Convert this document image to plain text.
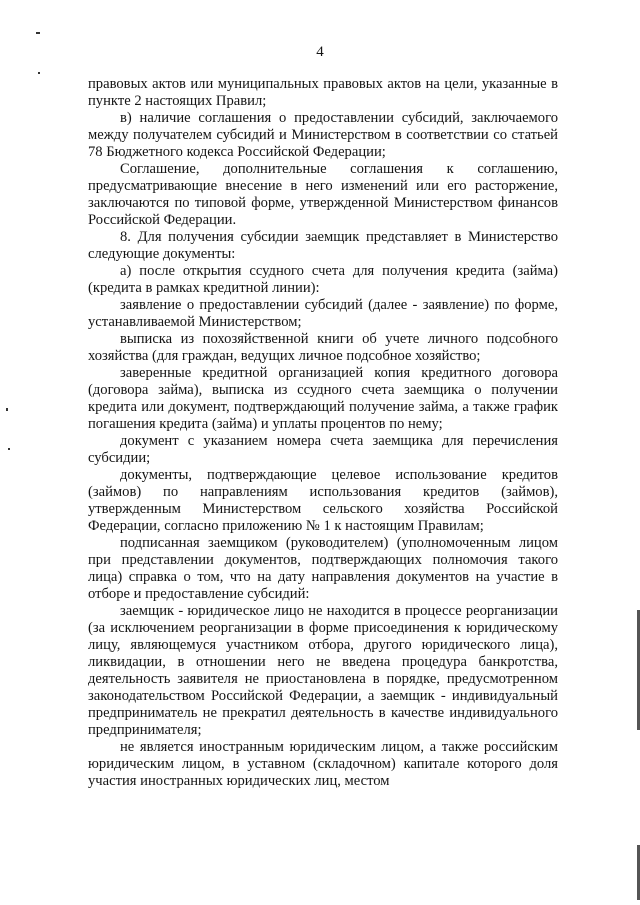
4

правовых актов или муниципальных правовых актов на цели, указанные в пункте 2 настоящих Правил;

в) наличие соглашения о предоставлении субсидий, заключаемого между получателем субсидий и Министерством в соответствии со статьей 78 Бюджетного кодекса Российской Федерации;

Соглашение, дополнительные соглашения к соглашению, предусматривающие внесение в него изменений или его расторжение, заключаются по типовой форме, утвержденной Министерством финансов Российской Федерации.

8. Для получения субсидии заемщик представляет в Министерство следующие документы:

а) после открытия ссудного счета для получения кредита (займа) (кредита в рамках кредитной линии):

заявление о предоставлении субсидий (далее - заявление) по форме, устанавливаемой Министерством;

выписка из похозяйственной книги об учете личного подсобного хозяйства (для граждан, ведущих личное подсобное хозяйство;

заверенные кредитной организацией копия кредитного договора (договора займа), выписка из ссудного счета заемщика о получении кредита или документ, подтверждающий получение займа, а также график погашения кредита (займа) и уплаты процентов по нему;

документ с указанием номера счета заемщика для перечисления субсидии;

документы, подтверждающие целевое использование кредитов (займов) по направлениям использования кредитов (займов), утвержденным Министерством сельского хозяйства Российской Федерации, согласно приложению № 1 к настоящим Правилам;

подписанная заемщиком (руководителем) (уполномоченным лицом при представлении документов, подтверждающих полномочия такого лица) справка о том, что на дату направления документов на участие в отборе и предоставление субсидий:

заемщик - юридическое лицо не находится в процессе реорганизации (за исключением реорганизации в форме присоединения к юридическому лицу, являющемуся участником отбора, другого юридического лица), ликвидации, в отношении него не введена процедура банкротства, деятельность заявителя не приостановлена в порядке, предусмотренном законодательством Российской Федерации, а заемщик - индивидуальный предприниматель не прекратил деятельность в качестве индивидуального предпринимателя;

не является иностранным юридическим лицом, а также российским юридическим лицом, в уставном (складочном) капитале которого доля участия иностранных юридических лиц, местом
